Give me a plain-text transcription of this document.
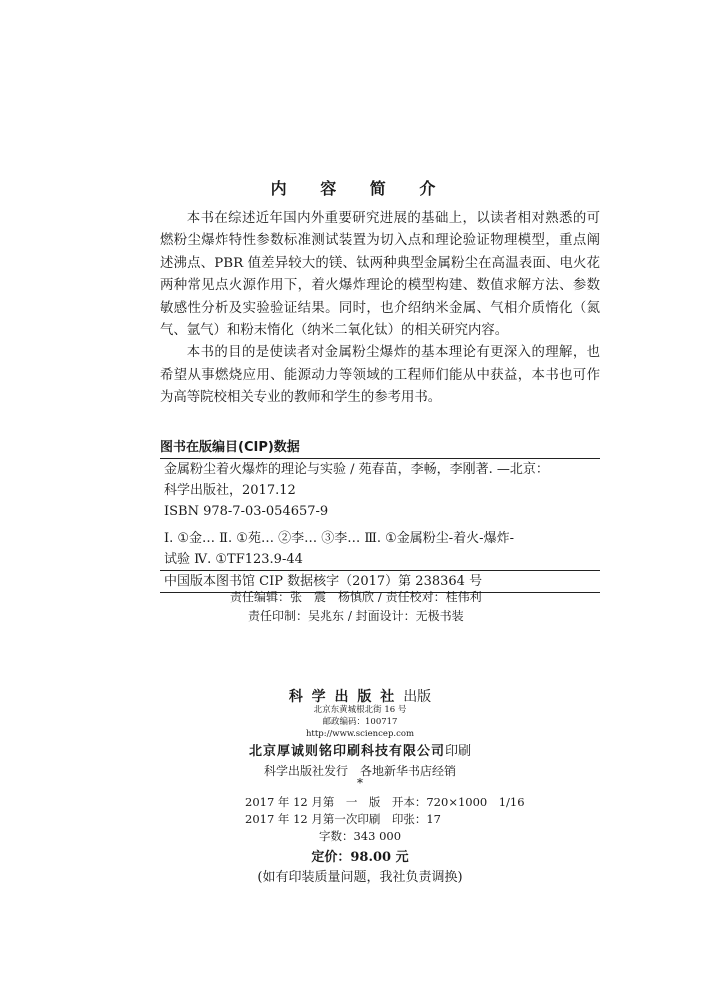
内 容 简 介

本书在综述近年国内外重要研究进展的基础上，以读者相对熟悉的可燃粉尘爆炸特性参数标准测试装置为切入点和理论验证物理模型，重点阐述沸点、PBR 值差异较大的镁、钛两种典型金属粉尘在高温表面、电火花两种常见点火源作用下，着火爆炸理论的模型构建、数值求解方法、参数敏感性分析及实验验证结果。同时，也介绍纳米金属、气相介质惰化（氮气、氩气）和粉末惰化（纳米二氧化钛）的相关研究内容。

本书的目的是使读者对金属粉尘爆炸的基本理论有更深入的理解，也希望从事燃烧应用、能源动力等领域的工程师们能从中获益，本书也可作为高等院校相关专业的教师和学生的参考用书。

图书在版编目(CIP)数据
金属粉尘着火爆炸的理论与实验 / 苑春苗，李畅，李刚著. —北京：
科学出版社，2017.12
ISBN 978-7-03-054657-9
Ⅰ. ①金… Ⅱ. ①苑… ②李… ③李… Ⅲ. ①金属粉尘-着火-爆炸-
试验 Ⅳ. ①TF123.9-44
中国版本图书馆 CIP 数据核字（2017）第 238364 号
责任编辑：张　震　杨慎欣 / 责任校对：桂伟利
责任印制：吴兆东 / 封面设计：无极书装
科 学 出 版 社 出版
北京东黄城根北街 16 号
邮政编码：100717
http://www.sciencep.com
北京厚诚则铭印刷科技有限公司印刷
科学出版社发行　各地新华书店经销
*
2017 年 12 月第　一　版　开本：720×1000　1/16
2017 年 12 月第一次印刷　印张：17
字数：343 000
定价：98.00 元
(如有印装质量问题，我社负责调换)
